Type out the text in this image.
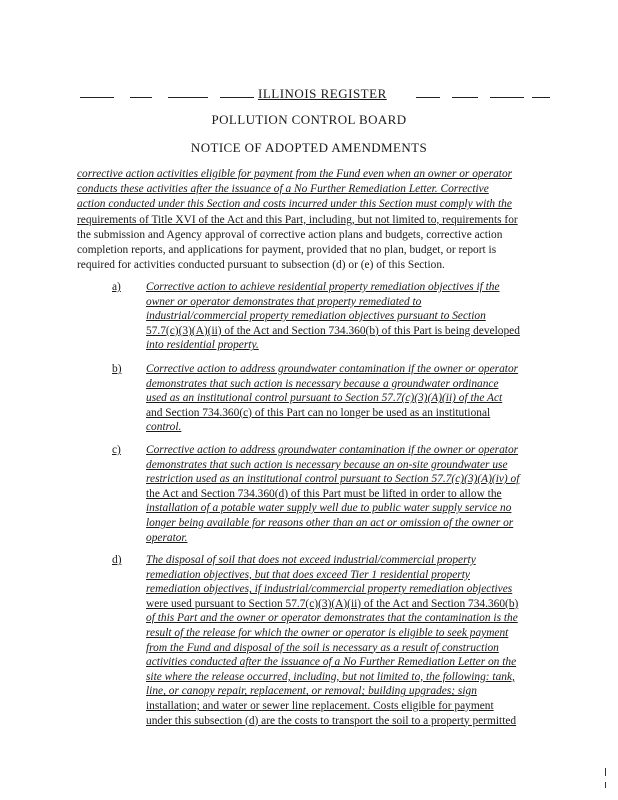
ILLINOIS REGISTER
POLLUTION CONTROL BOARD
NOTICE OF ADOPTED AMENDMENTS

corrective action activities eligible for payment from the Fund even when an owner or operator

conducts these activities after the issuance of a No Further Remediation Letter. Corrective

action conducted under this Section and costs incurred under this Section must comply with the

requirements of Title XVI of the Act and this Part, including, but not limited to, requirements for

the submission and Agency approval of corrective action plans and budgets, corrective action

completion reports, and applications for payment, provided that no plan, budget, or report is

required for activities conducted pursuant to subsection (d) or (e) of this Section.

a) Corrective action to achieve residential property remediation objectives if the

owner or operator demonstrates that property remediated to

industrial/commercial property remediation objectives pursuant to Section

57.7(c)(3)(A)(ii) of the Act and Section 734.360(b) of this Part is being developed

into residential property.

b) Corrective action to address groundwater contamination if the owner or operator

demonstrates that such action is necessary because a groundwater ordinance

used as an institutional control pursuant to Section 57.7(c)(3)(A)(ii) of the Act

and Section 734.360(c) of this Part can no longer be used as an institutional

control.

c) Corrective action to address groundwater contamination if the owner or operator

demonstrates that such action is necessary because an on-site groundwater use

restriction used as an institutional control pursuant to Section 57.7(c)(3)(A)(iv) of

the Act and Section 734.360(d) of this Part must be lifted in order to allow the

installation of a potable water supply well due to public water supply service no

longer being available for reasons other than an act or omission of the owner or

operator.

d) The disposal of soil that does not exceed industrial/commercial property

remediation objectives, but that does exceed Tier 1 residential property

remediation objectives, if industrial/commercial property remediation objectives

were used pursuant to Section 57.7(c)(3)(A)(ii) of the Act and Section 734.360(b)

of this Part and the owner or operator demonstrates that the contamination is the

result of the release for which the owner or operator is eligible to seek payment

from the Fund and disposal of the soil is necessary as a result of construction

activities conducted after the issuance of a No Further Remediation Letter on the

site where the release occurred, including, but not limited to, the following: tank,

line, or canopy repair, replacement, or removal; building upgrades; sign

installation; and water or sewer line replacement. Costs eligible for payment

under this subsection (d) are the costs to transport the soil to a property permitted
